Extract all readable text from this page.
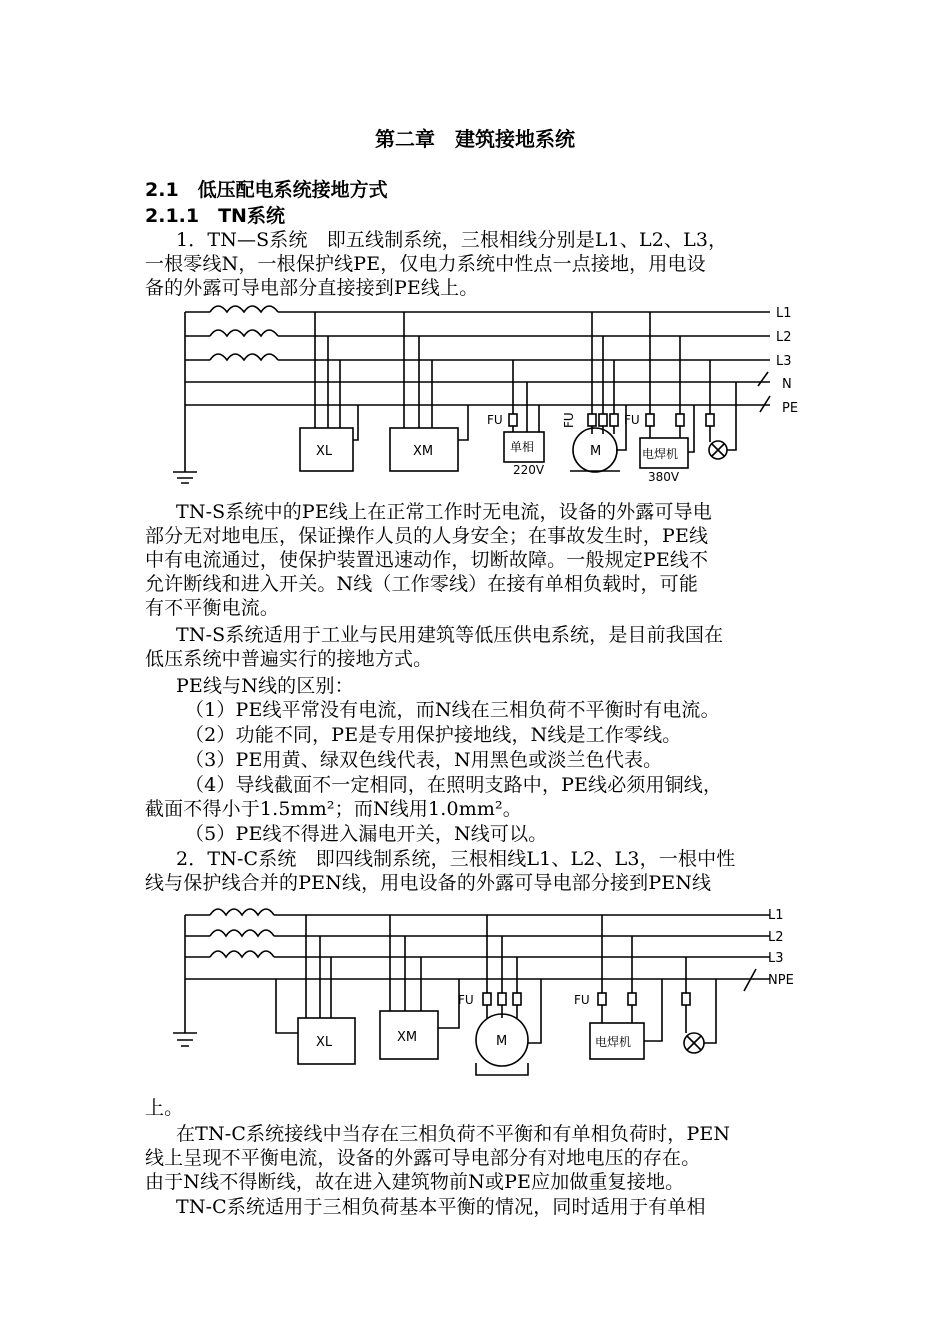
第二章　建筑接地系统
2.1　低压配电系统接地方式
2.1.1　TN系统
1．TN—S系统　即五线制系统，三根相线分别是L1、L2、L3，
一根零线N，一根保护线PE，仅电力系统中性点一点接地，用电设
备的外露可导电部分直接接到PE线上。
L1
L2
L3
N
PE
XL	XM	单相	M	电焊机
FU	FU	FU
220V	380V
TN-S系统中的PE线上在正常工作时无电流，设备的外露可导电
部分无对地电压，保证操作人员的人身安全；在事故发生时，PE线
中有电流通过，使保护装置迅速动作，切断故障。一般规定PE线不
允许断线和进入开关。N线（工作零线）在接有单相负载时，可能
有不平衡电流。
TN-S系统适用于工业与民用建筑等低压供电系统，是目前我国在
低压系统中普遍实行的接地方式。
PE线与N线的区别：
（1）PE线平常没有电流，而N线在三相负荷不平衡时有电流。
（2）功能不同，PE是专用保护接地线，N线是工作零线。
（3）PE用黄、绿双色线代表，N用黑色或淡兰色代表。
（4）导线截面不一定相同，在照明支路中，PE线必须用铜线，
截面不得小于1.5mm²；而N线用1.0mm²。
（5）PE线不得进入漏电开关，N线可以。
2．TN-C系统　即四线制系统，三根相线L1、L2、L3，一根中性
线与保护线合并的PEN线，用电设备的外露可导电部分接到PEN线
L1
L2
L3
NPE
XL	XM	M	电焊机
FU	FU
上。
在TN-C系统接线中当存在三相负荷不平衡和有单相负荷时，PEN
线上呈现不平衡电流，设备的外露可导电部分有对地电压的存在。
由于N线不得断线，故在进入建筑物前N或PE应加做重复接地。
TN-C系统适用于三相负荷基本平衡的情况，同时适用于有单相
